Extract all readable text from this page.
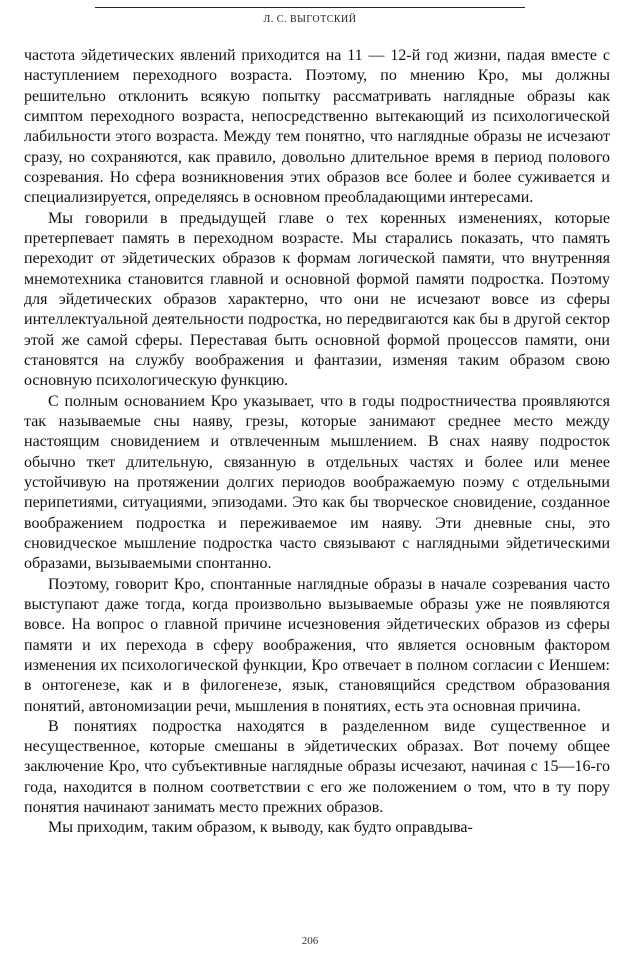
Л. С. ВЫГОТСКИЙ

частота эйдетических явлений приходится на 11 — 12-й год жизни, падая вместе с наступлением переходного возраста. Поэтому, по мнению Кро, мы должны решительно отклонить всякую попытку рассматривать наглядные образы как симптом переходного возраста, непосредственно вытекающий из психологической лабильности этого возраста. Между тем понятно, что наглядные образы не исчезают сразу, но сохраняются, как правило, довольно длительное время в период полового созревания. Но сфера возникновения этих образов все более и более суживается и специализируется, определяясь в основном преобладающими интересами.

Мы говорили в предыдущей главе о тех коренных изменениях, которые претерпевает память в переходном возрасте. Мы старались показать, что память переходит от эйдетических образов к формам логической памяти, что внутренняя мнемотехника становится главной и основной формой памяти подростка. Поэтому для эйдетических образов характерно, что они не исчезают вовсе из сферы интеллектуальной деятельности подростка, но передвигаются как бы в другой сектор этой же самой сферы. Переставая быть основной формой процессов памяти, они становятся на службу воображения и фантазии, изменяя таким образом свою основную психологическую функцию.

С полным основанием Кро указывает, что в годы подростничества проявляются так называемые сны наяву, грезы, которые занимают среднее место между настоящим сновидением и отвлеченным мышлением. В снах наяву подросток обычно ткет длительную, связанную в отдельных частях и более или менее устойчивую на протяжении долгих периодов воображаемую поэму с отдельными перипетиями, ситуациями, эпизодами. Это как бы творческое сновидение, созданное воображением подростка и переживаемое им наяву. Эти дневные сны, это сновидческое мышление подростка часто связывают с наглядными эйдетическими образами, вызываемыми спонтанно.

Поэтому, говорит Кро, спонтанные наглядные образы в начале созревания часто выступают даже тогда, когда произвольно вызываемые образы уже не появляются вовсе. На вопрос о главной причине исчезновения эйдетических образов из сферы памяти и их перехода в сферу воображения, что является основным фактором изменения их психологической функции, Кро отвечает в полном согласии с Иеншем: в онтогенезе, как и в филогенезе, язык, становящийся средством образования понятий, автономизации речи, мышления в понятиях, есть эта основная причина.

В понятиях подростка находятся в разделенном виде существенное и несущественное, которые смешаны в эйдетических образах. Вот почему общее заключение Кро, что субъективные наглядные образы исчезают, начиная с 15—16-го года, находится в полном соответствии с его же положением о том, что в ту пору понятия начинают занимать место прежних образов.

Мы приходим, таким образом, к выводу, как будто оправдыва-

206
